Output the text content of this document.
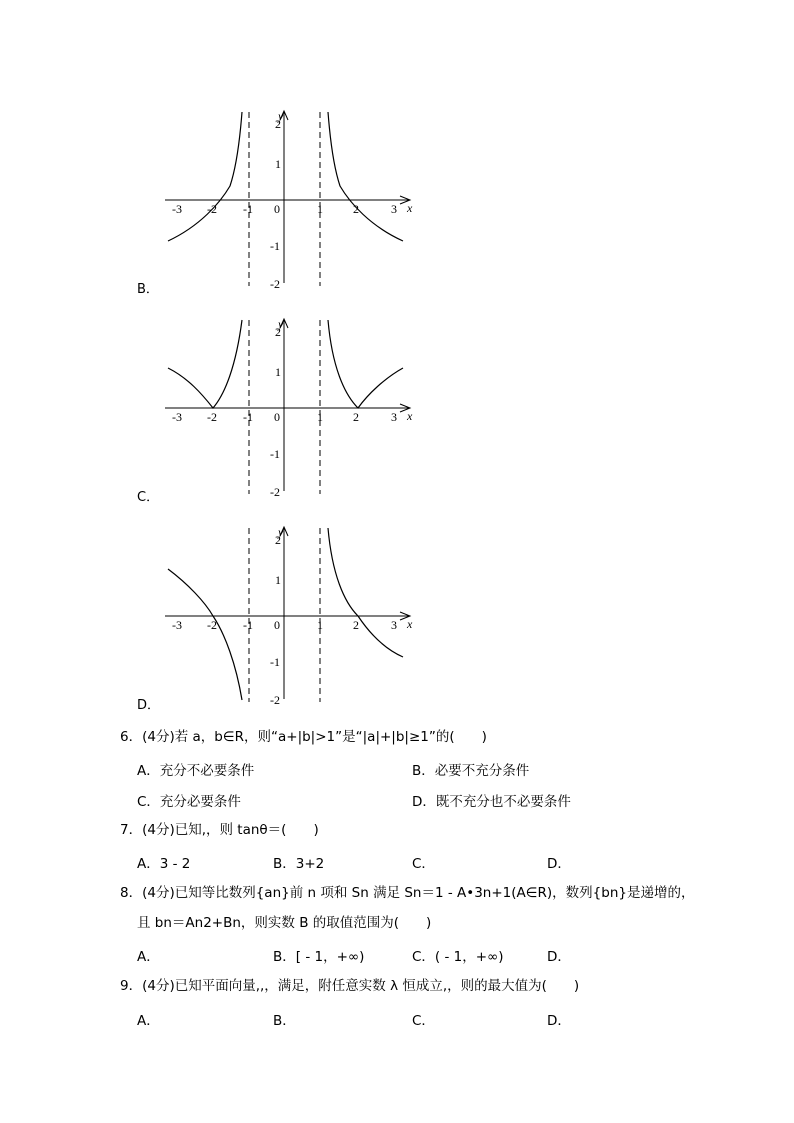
-3 -2 -1 0	1	2	3 x
2
1
-1
-2
y
B．
-3 -2 -1 0	1	2	3 x
2
1
-1
-2
y
C．
-3 -2 -1 0	1	2	3 x
2
1
-1
-2
y
D．
6．(4分)若 a，b∈R，则“a+|b|>1”是“|a|+|b|≥1”的(　　)
A．充分不必要条件	B．必要不充分条件
C．充分必要条件	D．既不充分也不必要条件
7．(4分)已知,，则 tanθ＝(　　)
A．3 - 2	B．3+2	C．	D．
8．(4分)已知等比数列{an}前 n 项和 Sn 满足 Sn＝1 - A•3n+1(A∈R)，数列{bn}是递增的，
且 bn＝An2+Bn，则实数 B 的取值范围为(　　)
A．	B．[ - 1，+∞)	C．( - 1，+∞)	D．
9．(4分)已知平面向量,,，满足，附任意实数 λ 恒成立,，则的最大值为(　　)
A．	B．	C．	D．
